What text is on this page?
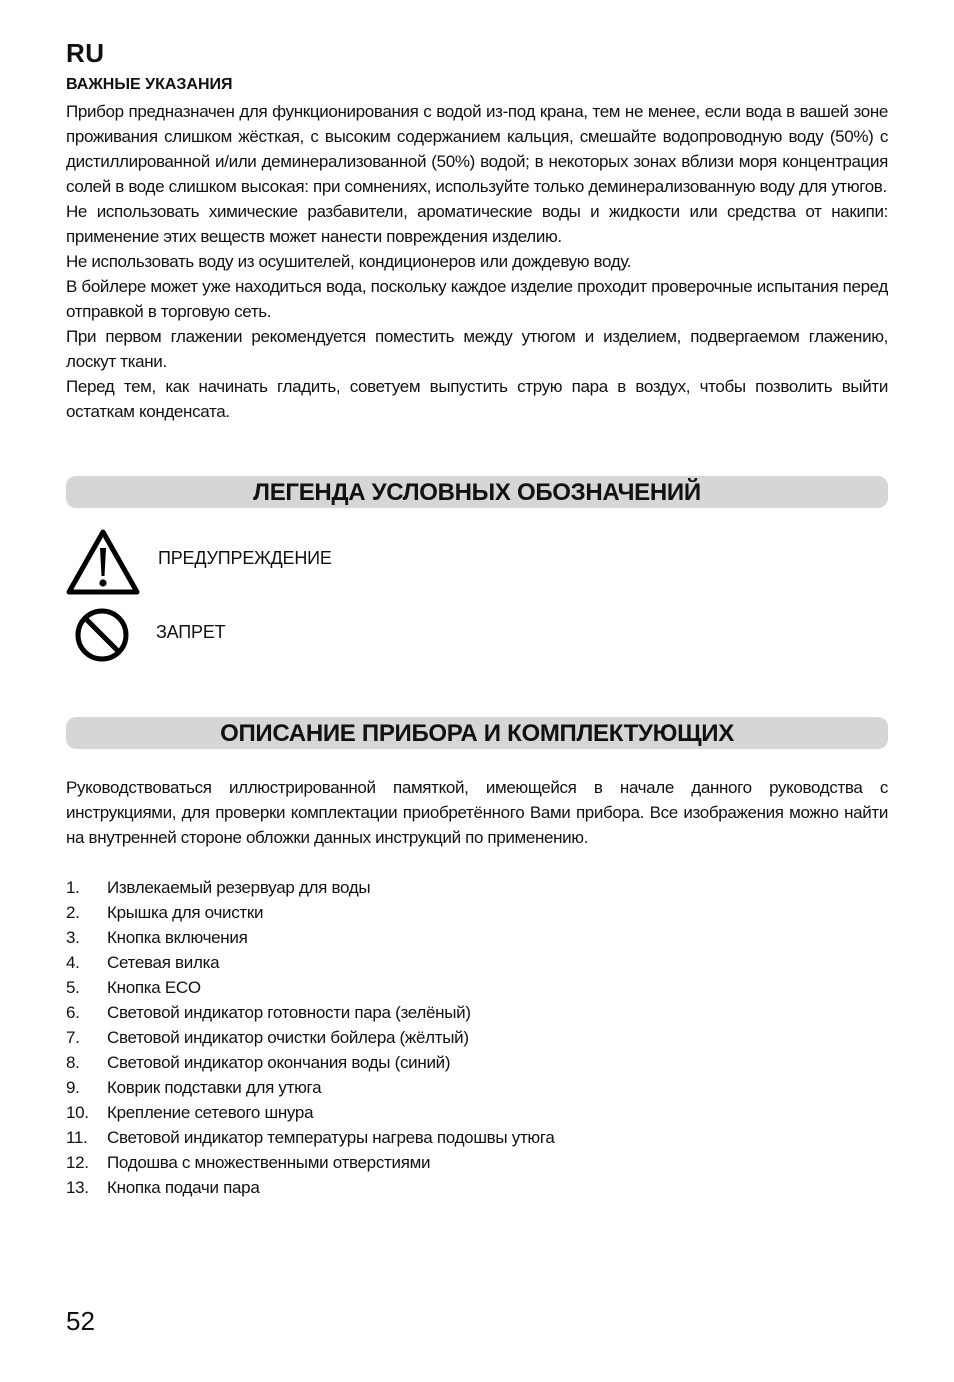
RU
ВАЖНЫЕ УКАЗАНИЯ

Прибор предназначен для функционирования с водой из-под крана, тем не менее, если вода в вашей зоне проживания слишком жёсткая, с высоким содержанием кальция, смешайте водопроводную воду (50%) с дистиллированной и/или деминерализованной (50%) водой; в некоторых зонах вблизи моря концентрация солей в воде слишком высокая: при сомнениях, используйте только деминерализованную воду для утюгов.

Не использовать химические разбавители, ароматические воды и жидкости или средства от накипи: применение этих веществ может нанести повреждения изделию.

Не использовать воду из осушителей, кондиционеров или дождевую воду.

В бойлере может уже находиться вода, поскольку каждое изделие проходит проверочные испытания перед отправкой в торговую сеть.

При первом глажении рекомендуется поместить между утюгом и изделием, подвергаемом глажению, лоскут ткани.

Перед тем, как начинать гладить, советуем выпустить струю пара в воздух, чтобы позволить выйти остаткам конденсата.

ЛЕГЕНДА УСЛОВНЫХ ОБОЗНАЧЕНИЙ
ПРЕДУПРЕЖДЕНИЕ
ЗАПРЕТ
ОПИСАНИЕ ПРИБОРА И КОМПЛЕКТУЮЩИХ
Руководствоваться иллюстрированной памяткой, имеющейся в начале данного руководства с инструкциями, для проверки комплектации приобретённого Вами прибора. Все изображения можно найти на внутренней стороне обложки данных инструкций по применению.
1.	Извлекаемый резервуар для воды
2.	Крышка для очистки
3.	Кнопка включения
4.	Сетевая вилка
5.	Кнопка ECO
6.	Световой индикатор готовности пара (зелёный)
7.	Световой индикатор очистки бойлера (жёлтый)
8.	Световой индикатор окончания воды (синий)
9.	Коврик подставки для утюга
10.	Крепление сетевого шнура
11.	Световой индикатор температуры нагрева подошвы утюга
12.	Подошва с множественными отверстиями
13.	Кнопка подачи пара
52
